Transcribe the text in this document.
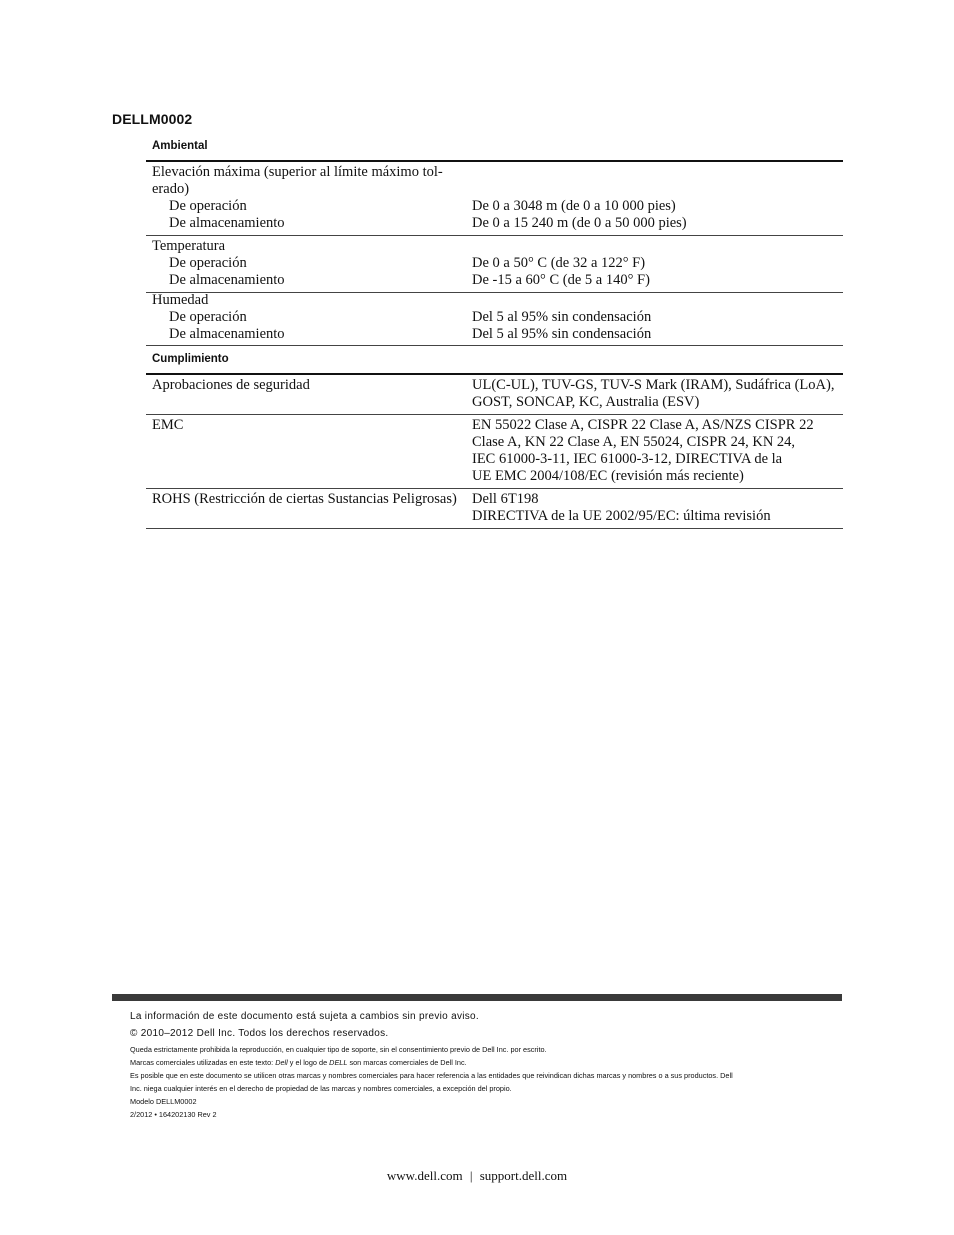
DELLM0002
Ambiental
Elevación máxima (superior al límite máximo tol-
erado)
De operación
De almacenamiento
De 0 a 3048 m (de 0 a 10 000 pies)
De 0 a 15 240 m (de 0 a 50 000 pies)
Temperatura
De operación
De almacenamiento
De 0 a 50° C (de 32 a 122° F)
De -15 a 60° C (de 5 a 140° F)
Humedad
De operación
De almacenamiento
Del 5 al 95% sin condensación
Del 5 al 95% sin condensación
Cumplimiento
Aprobaciones de seguridad	UL(C-UL), TUV-GS, TUV-S Mark (IRAM), Sudáfrica (LoA),
GOST, SONCAP, KC, Australia (ESV)
EMC	EN 55022 Clase A, CISPR 22 Clase A, AS/NZS CISPR 22
Clase A, KN 22 Clase A, EN 55024, CISPR 24, KN 24,
IEC 61000-3-11, IEC 61000-3-12, DIRECTIVA de la
UE EMC 2004/108/EC (revisión más reciente)
ROHS (Restricción de ciertas Sustancias Peligrosas) Dell 6T198
DIRECTIVA de la UE 2002/95/EC: última revisión
La información de este documento está sujeta a cambios sin previo aviso.
© 2010–2012 Dell Inc. Todos los derechos reservados.
Queda estrictamente prohibida la reproducción, en cualquier tipo de soporte, sin el consentimiento previo de Dell Inc. por escrito.
Marcas comerciales utilizadas en este texto: Dell y el logo de DELL son marcas comerciales de Dell Inc.
Es posible que en este documento se utilicen otras marcas y nombres comerciales para hacer referencia a las entidades que reivindican dichas marcas y nombres o a sus productos. Dell
Inc. niega cualquier interés en el derecho de propiedad de las marcas y nombres comerciales, a excepción del propio.
Modelo DELLM0002
2/2012 • 164202130 Rev 2
www.dell.com | support.dell.com
